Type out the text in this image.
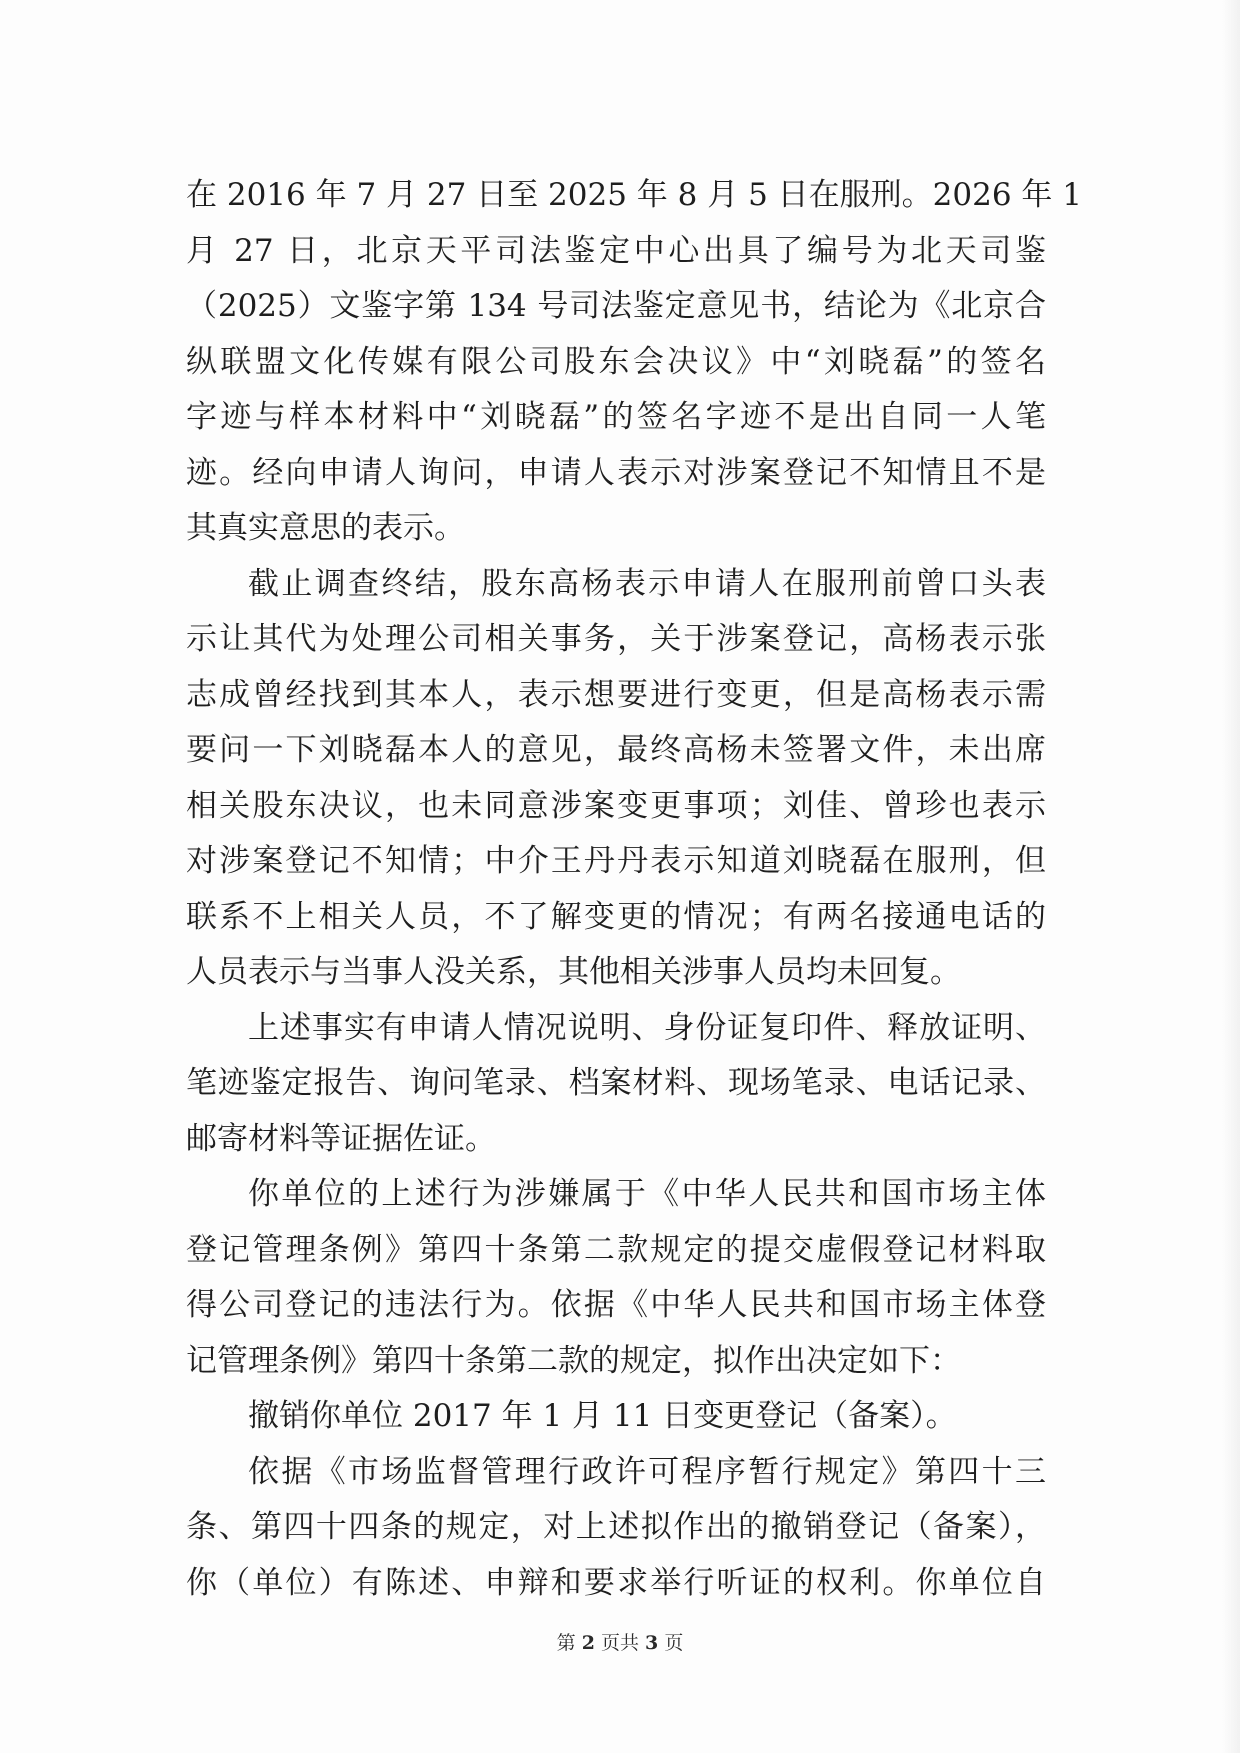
在 2016 年 7 月 27 日至 2025 年 8 月 5 日在服刑。2026 年 1
月 27 日，北京天平司法鉴定中心出具了编号为北天司鉴
（2025）文鉴字第 134 号司法鉴定意见书，结论为《北京合
纵联盟文化传媒有限公司股东会决议》中“刘晓磊”的签名
字迹与样本材料中“刘晓磊”的签名字迹不是出自同一人笔
迹。经向申请人询问，申请人表示对涉案登记不知情且不是
其真实意思的表示。
截止调查终结，股东高杨表示申请人在服刑前曾口头表
示让其代为处理公司相关事务，关于涉案登记，高杨表示张
志成曾经找到其本人，表示想要进行变更，但是高杨表示需
要问一下刘晓磊本人的意见，最终高杨未签署文件，未出席
相关股东决议，也未同意涉案变更事项；刘佳、曾珍也表示
对涉案登记不知情；中介王丹丹表示知道刘晓磊在服刑，但
联系不上相关人员，不了解变更的情况；有两名接通电话的
人员表示与当事人没关系，其他相关涉事人员均未回复。
上述事实有申请人情况说明、身份证复印件、释放证明、
笔迹鉴定报告、询问笔录、档案材料、现场笔录、电话记录、
邮寄材料等证据佐证。
你单位的上述行为涉嫌属于《中华人民共和国市场主体
登记管理条例》第四十条第二款规定的提交虚假登记材料取
得公司登记的违法行为。依据《中华人民共和国市场主体登
记管理条例》第四十条第二款的规定，拟作出决定如下：
撤销你单位 2017 年 1 月 11 日变更登记（备案）。
依据《市场监督管理行政许可程序暂行规定》第四十三
条、第四十四条的规定，对上述拟作出的撤销登记（备案），
你（单位）有陈述、申辩和要求举行听证的权利。你单位自
第 2 页共 3 页
